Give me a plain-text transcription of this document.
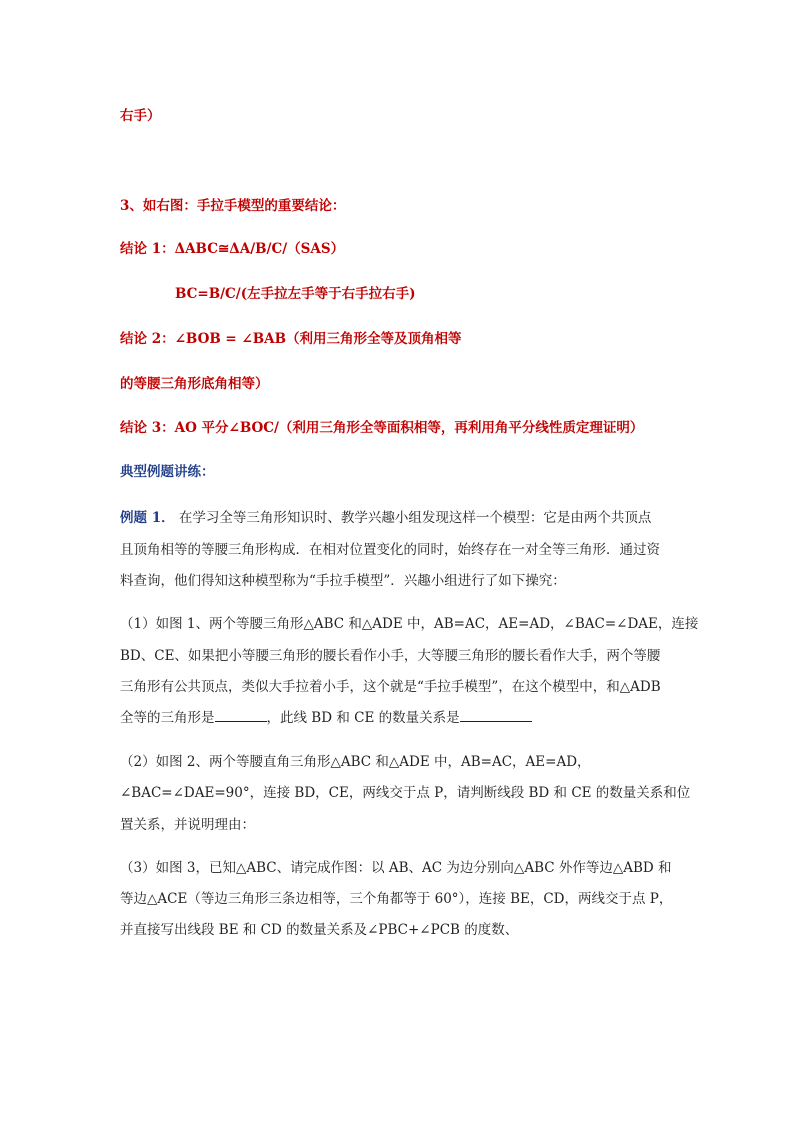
右手）
3、如右图：手拉手模型的重要结论：
结论 1：ΔABC≅ΔA/B/C/（SAS）
BC=B/C/(左手拉左手等于右手拉右手)
结论 2：∠BOB = ∠BAB（利用三角形全等及顶角相等
的等腰三角形底角相等）
结论 3：AO 平分∠BOC/（利用三角形全等面积相等，再利用角平分线性质定理证明）
典型例题讲练：
例题 1． 在学习全等三角形知识时、教学兴趣小组发现这样一个模型：它是由两个共顶点
且顶角相等的等腰三角形构成．在相对位置变化的同时，始终存在一对全等三角形．通过资
料查询，他们得知这种模型称为“手拉手模型”．兴趣小组进行了如下操究：
（1）如图 1、两个等腰三角形△ABC 和△ADE 中，AB=AC，AE=AD，∠BAC=∠DAE，连接
BD、CE、如果把小等腰三角形的腰长看作小手，大等腰三角形的腰长看作大手，两个等腰
三角形有公共顶点，类似大手拉着小手，这个就是“手拉手模型”，在这个模型中，和△ADB
全等的三角形是	，此线 BD 和 CE 的数量关系是
（2）如图 2、两个等腰直角三角形△ABC 和△ADE 中，AB=AC，AE=AD，
∠BAC=∠DAE=90°，连接 BD，CE，两线交于点 P，请判断线段 BD 和 CE 的数量关系和位
置关系，并说明理由：
（3）如图 3，已知△ABC、请完成作图：以 AB、AC 为边分别向△ABC 外作等边△ABD 和
等边△ACE（等边三角形三条边相等，三个角都等于 60°），连接 BE，CD，两线交于点 P，
并直接写出线段 BE 和 CD 的数量关系及∠PBC+∠PCB 的度数、
